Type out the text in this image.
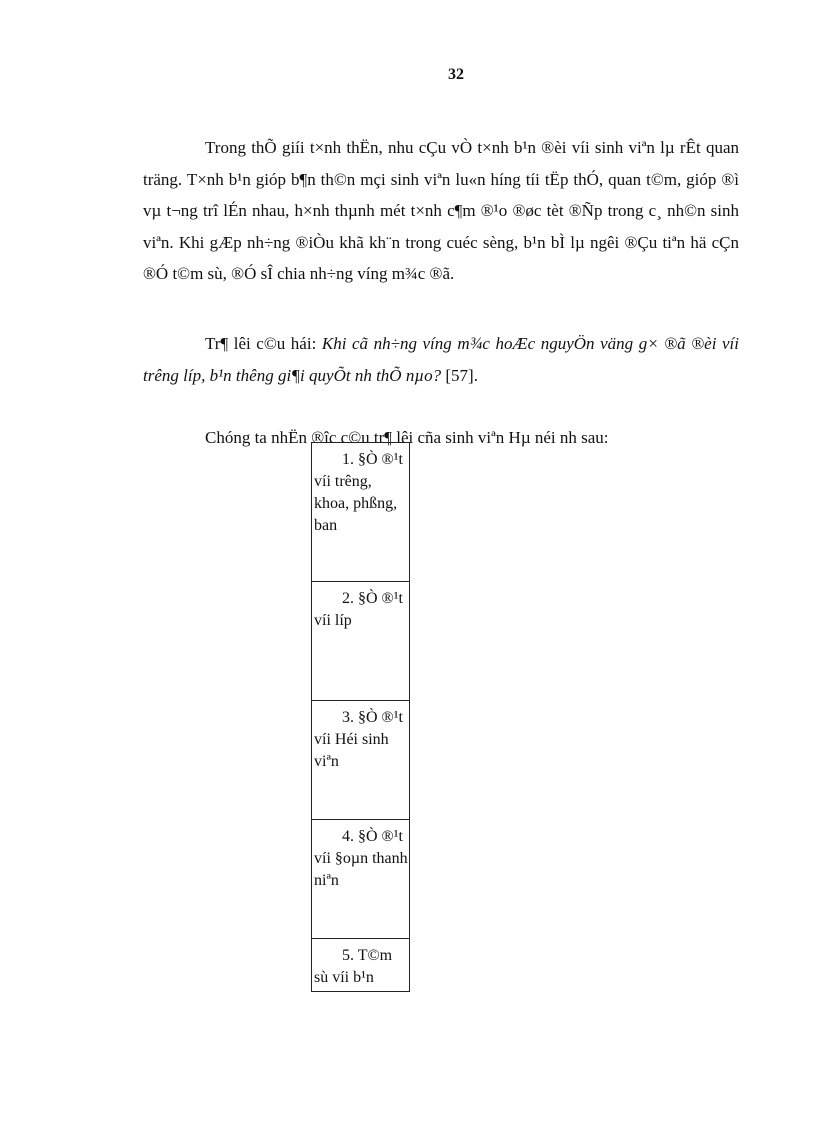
32

Trong thÕ giíi t×nh thËn, nhu cÇu vÒ t×nh b¹n ®èi víi sinh viªn lµ rÊt quan träng. T×nh b¹n gióp b¶n th©n mçi sinh viªn lu«n híng tíi tËp thÓ, quan t©m, gióp ®ì vµ t¬ng trî lÉn nhau, h×nh thµnh mét t×nh c¶m ®¹o ®øc tèt ®Ñp trong c¸ nh©n sinh viªn. Khi gÆp nh÷ng ®iÒu khã kh¨n trong cuéc sèng, b¹n bÌ lµ ngêi ®Çu tiªn hä cÇn ®Ó t©m sù, ®Ó sÎ chia nh÷ng víng m¾c ®ã.

Tr¶ lêi c©u hái: Khi cã nh÷ng víng m¾c hoÆc nguyÖn väng g× ®ã ®èi víi trêng líp, b¹n thêng gi¶i quyÕt nh thÕ nµo? [57].

Chóng ta nhËn ®îc c©u tr¶ lêi cña sinh viªn Hµ néi nh sau:

1. §Ò ®¹t víi trêng, khoa, phßng, ban

2. §Ò ®¹t víi líp

3. §Ò ®¹t víi Héi sinh viªn

4. §Ò ®¹t víi §oµn thanh niªn

5. T©m sù víi b¹n
